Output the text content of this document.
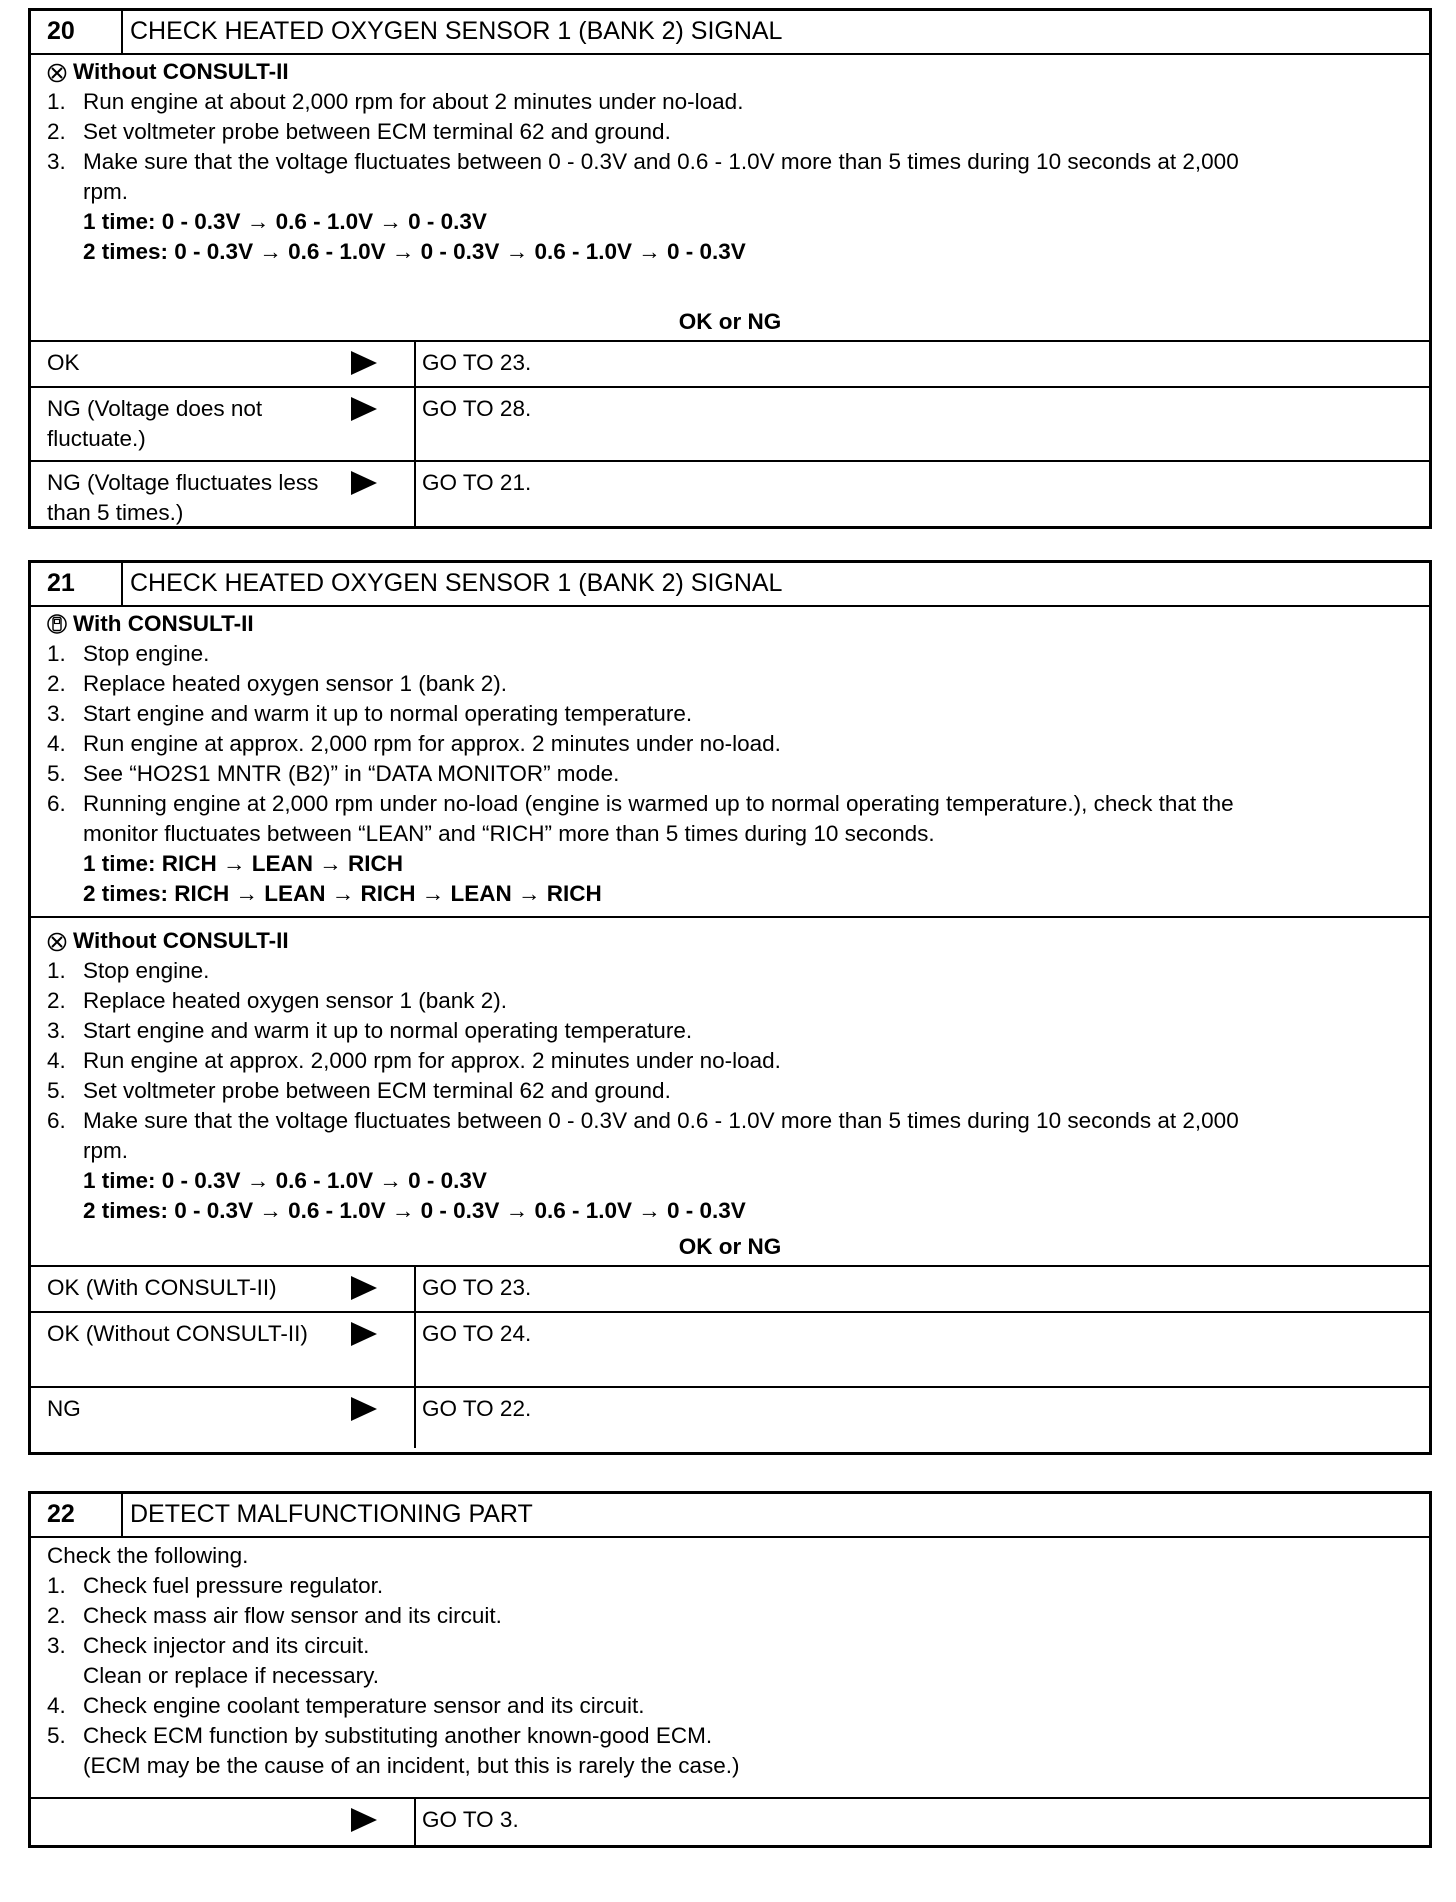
20	CHECK HEATED OXYGEN SENSOR 1 (BANK 2) SIGNAL
Without CONSULT-II
1. Run engine at about 2,000 rpm for about 2 minutes under no-load.
2. Set voltmeter probe between ECM terminal 62 and ground.
3. Make sure that the voltage fluctuates between 0 - 0.3V and 0.6 - 1.0V more than 5 times during 10 seconds at 2,000
rpm.
1 time: 0 - 0.3V → 0.6 - 1.0V → 0 - 0.3V
2 times: 0 - 0.3V → 0.6 - 1.0V → 0 - 0.3V → 0.6 - 1.0V → 0 - 0.3V
OK or NG
OK	GO TO 23.
NG (Voltage does not fluctuate.)
GO TO 28.
NG (Voltage fluctuates less than 5 times.)
GO TO 21.
21	CHECK HEATED OXYGEN SENSOR 1 (BANK 2) SIGNAL
With CONSULT-II
1. Stop engine.
2. Replace heated oxygen sensor 1 (bank 2).
3. Start engine and warm it up to normal operating temperature.
4. Run engine at approx. 2,000 rpm for approx. 2 minutes under no-load.
5. See “HO2S1 MNTR (B2)” in “DATA MONITOR” mode.
6. Running engine at 2,000 rpm under no-load (engine is warmed up to normal operating temperature.), check that the
monitor fluctuates between “LEAN” and “RICH” more than 5 times during 10 seconds.
1 time: RICH → LEAN → RICH
2 times: RICH → LEAN → RICH → LEAN → RICH
Without CONSULT-II
1. Stop engine.
2. Replace heated oxygen sensor 1 (bank 2).
3. Start engine and warm it up to normal operating temperature.
4. Run engine at approx. 2,000 rpm for approx. 2 minutes under no-load.
5. Set voltmeter probe between ECM terminal 62 and ground.
6. Make sure that the voltage fluctuates between 0 - 0.3V and 0.6 - 1.0V more than 5 times during 10 seconds at 2,000
rpm.
1 time: 0 - 0.3V → 0.6 - 1.0V → 0 - 0.3V
2 times: 0 - 0.3V → 0.6 - 1.0V → 0 - 0.3V → 0.6 - 1.0V → 0 - 0.3V
OK or NG
OK (With CONSULT-II)	GO TO 23.
OK (Without CONSULT-II)	GO TO 24.
NG	GO TO 22.
22	DETECT MALFUNCTIONING PART
Check the following.
1. Check fuel pressure regulator.
2. Check mass air flow sensor and its circuit.
3. Check injector and its circuit.
Clean or replace if necessary.
4. Check engine coolant temperature sensor and its circuit.
5. Check ECM function by substituting another known-good ECM.
(ECM may be the cause of an incident, but this is rarely the case.)
GO TO 3.
